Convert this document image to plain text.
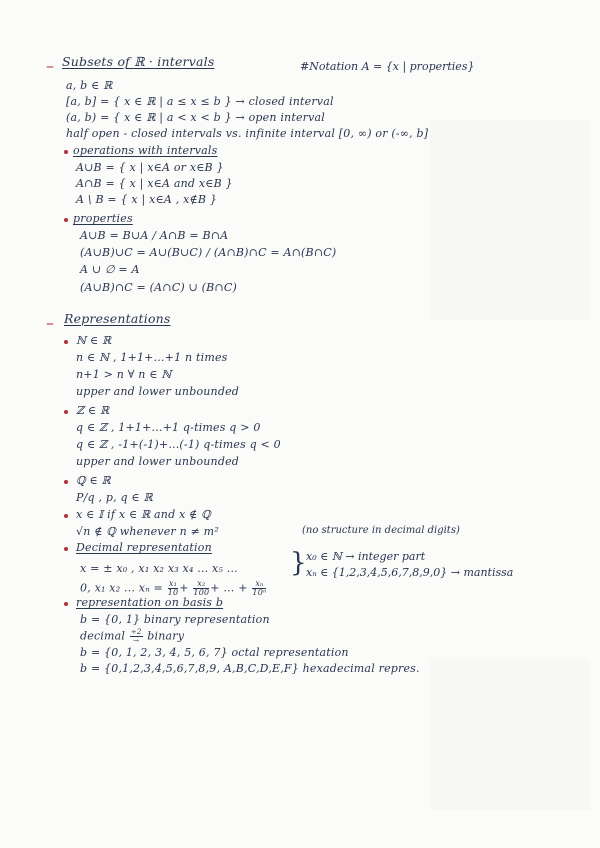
Subsets of ℝ · intervals	#Notation A = {x | properties}
–
a, b ∈ ℝ
[a, b] = { x ∈ ℝ | a ≤ x ≤ b } → closed interval
(a, b) = { x ∈ ℝ | a < x < b } → open interval
half open - closed intervals vs. infinite interval [0, ∞) or (-∞, b]
operations with intervals
A∪B = { x | x∈A or x∈B }
A∩B = { x | x∈A and x∈B }
A \ B = { x | x∈A , x∉B }
properties
A∪B = B∪A / A∩B = B∩A
(A∪B)∪C = A∪(B∪C) / (A∩B)∩C = A∩(B∩C)
A ∪ ∅ = A
(A∪B)∩C = (A∩C) ∪ (B∩C)
– Representations
ℕ ∈ ℝ
n ∈ ℕ , 1+1+...+1 n times
n+1 > n ∀ n ∈ ℕ
upper and lower unbounded
ℤ ∈ ℝ
q ∈ ℤ , 1+1+...+1 q-times q > 0
q ∈ ℤ , -1+(-1)+...(-1) q-times q < 0
upper and lower unbounded
ℚ ∈ ℝ
P/q , p, q ∈ ℝ
x ∈ 𝕀 if x ∈ ℝ and x ∉ ℚ
√n ∉ ℚ whenever n ≠ m²	(no structure in decimal digits)
Decimal representation
x = ± x₀ , x₁ x₂ x₃ x₄ ... x₅ ... } x₀ ∈ ℕ → integer part
xₙ ∈ {1,2,3,4,5,6,7,8,9,0} → mantissa
0, x₁ x₂ ... $x_n = \frac{\text{x₁}}{10} + \frac{\text{x₂}}{100}$ + … + $\frac{\text{xₙ}}{\text{10ⁿ}}$
representation on basis b
b = {0, 1} binary representation
decimal $\frac{\div 2}{\to}$ binary
b = {0, 1, 2, 3, 4, 5, 6, 7} octal representation
b = {0,1,2,3,4,5,6,7,8,9, A,B,C,D,E,F} hexadecimal repres.
